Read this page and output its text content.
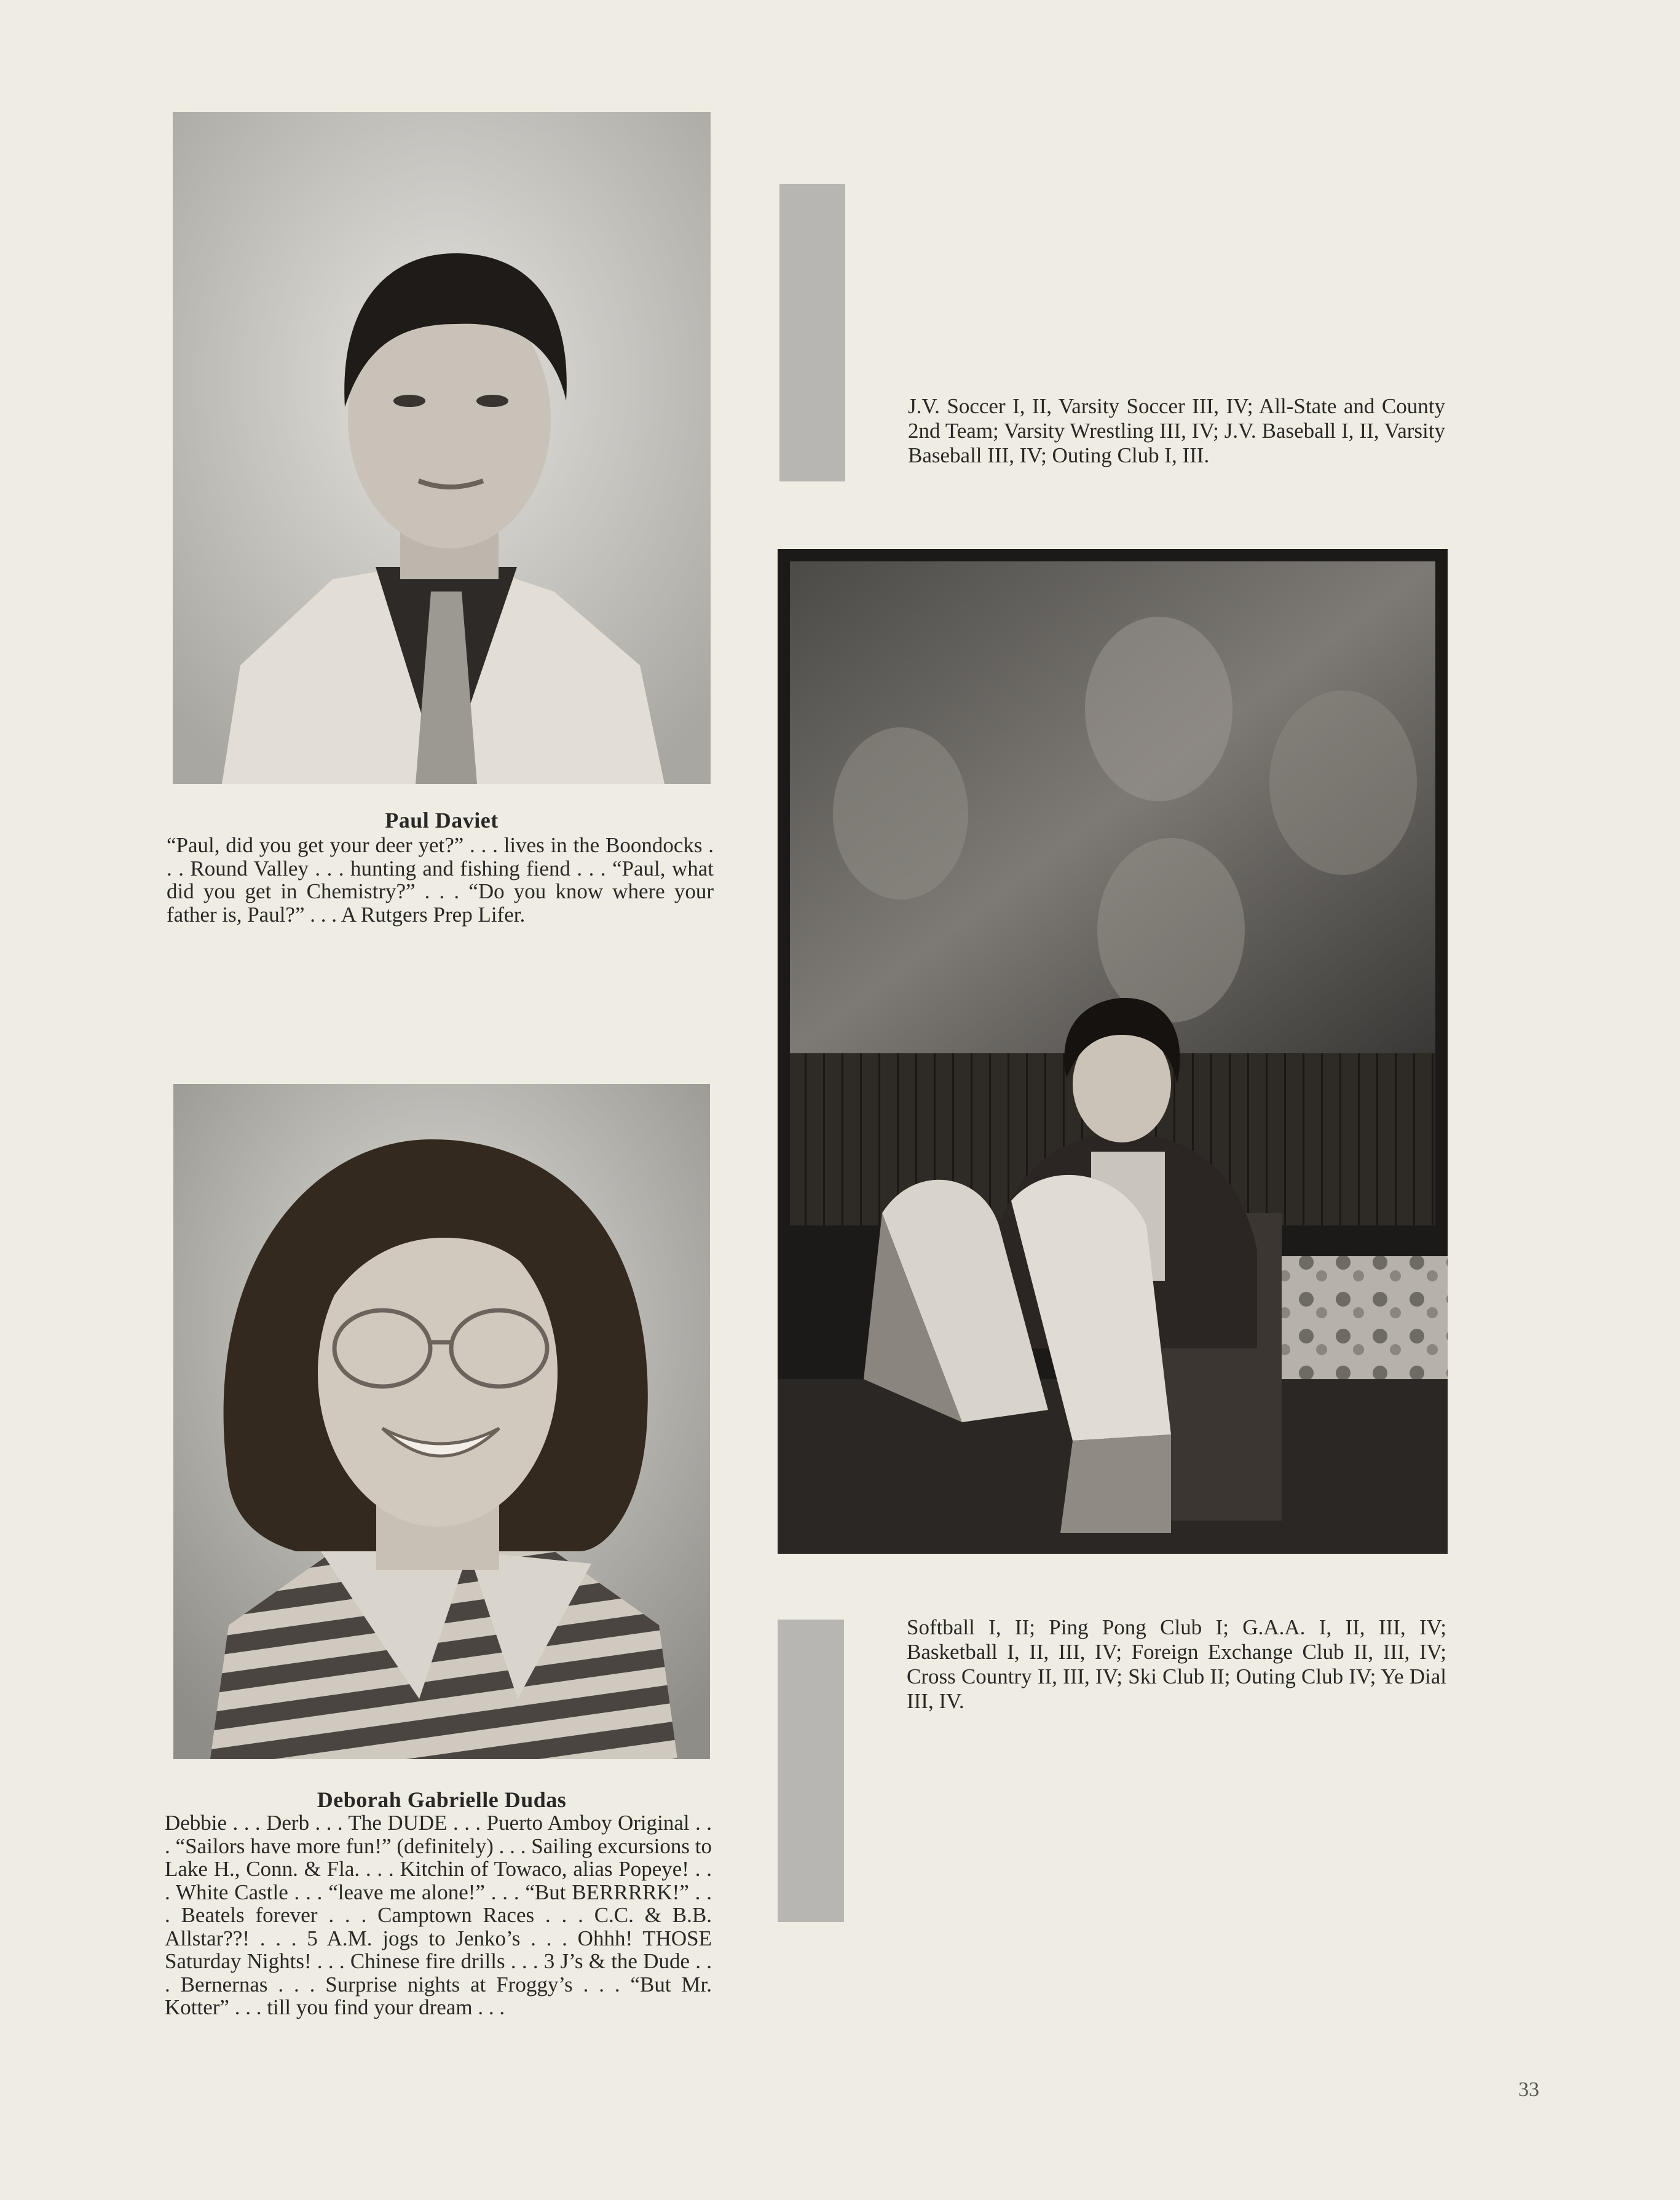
Paul Daviet

“Paul, did you get your deer yet?” . . . lives in the Boondocks . . . Round Valley . . . hunting and fishing fiend . . . “Paul, what did you get in Chemistry?” . . . “Do you know where your father is, Paul?” . . . A Rutgers Prep Lifer.

Deborah Gabrielle Dudas

Debbie . . . Derb . . . The DUDE . . . Puerto Amboy Original . . . “Sailors have more fun!” (definitely) . . . Sailing excursions to Lake H., Conn. & Fla. . . . Kitchin of Towaco, alias Popeye! . . . White Castle . . . “leave me alone!” . . . “But BERRRRK!” . . . Beatels forever . . . Camptown Races . . . C.C. & B.B. Allstar??! . . . 5 A.M. jogs to Jenko’s . . . Ohhh! THOSE Saturday Nights! . . . Chinese fire drills . . . 3 J’s & the Dude . . . Bernernas . . . Surprise nights at Froggy’s . . . “But Mr. Kotter” . . . till you find your dream . . .

J.V. Soccer I, II, Varsity Soccer III, IV; All-State and County 2nd Team; Varsity Wrestling III, IV; J.V. Baseball I, II, Varsity Baseball III, IV; Outing Club I, III.
Softball I, II; Ping Pong Club I; G.A.A. I, II, III, IV; Basketball I, II, III, IV; Foreign Exchange Club II, III, IV; Cross Country II, III, IV; Ski Club II; Outing Club IV; Ye Dial III, IV.
33
